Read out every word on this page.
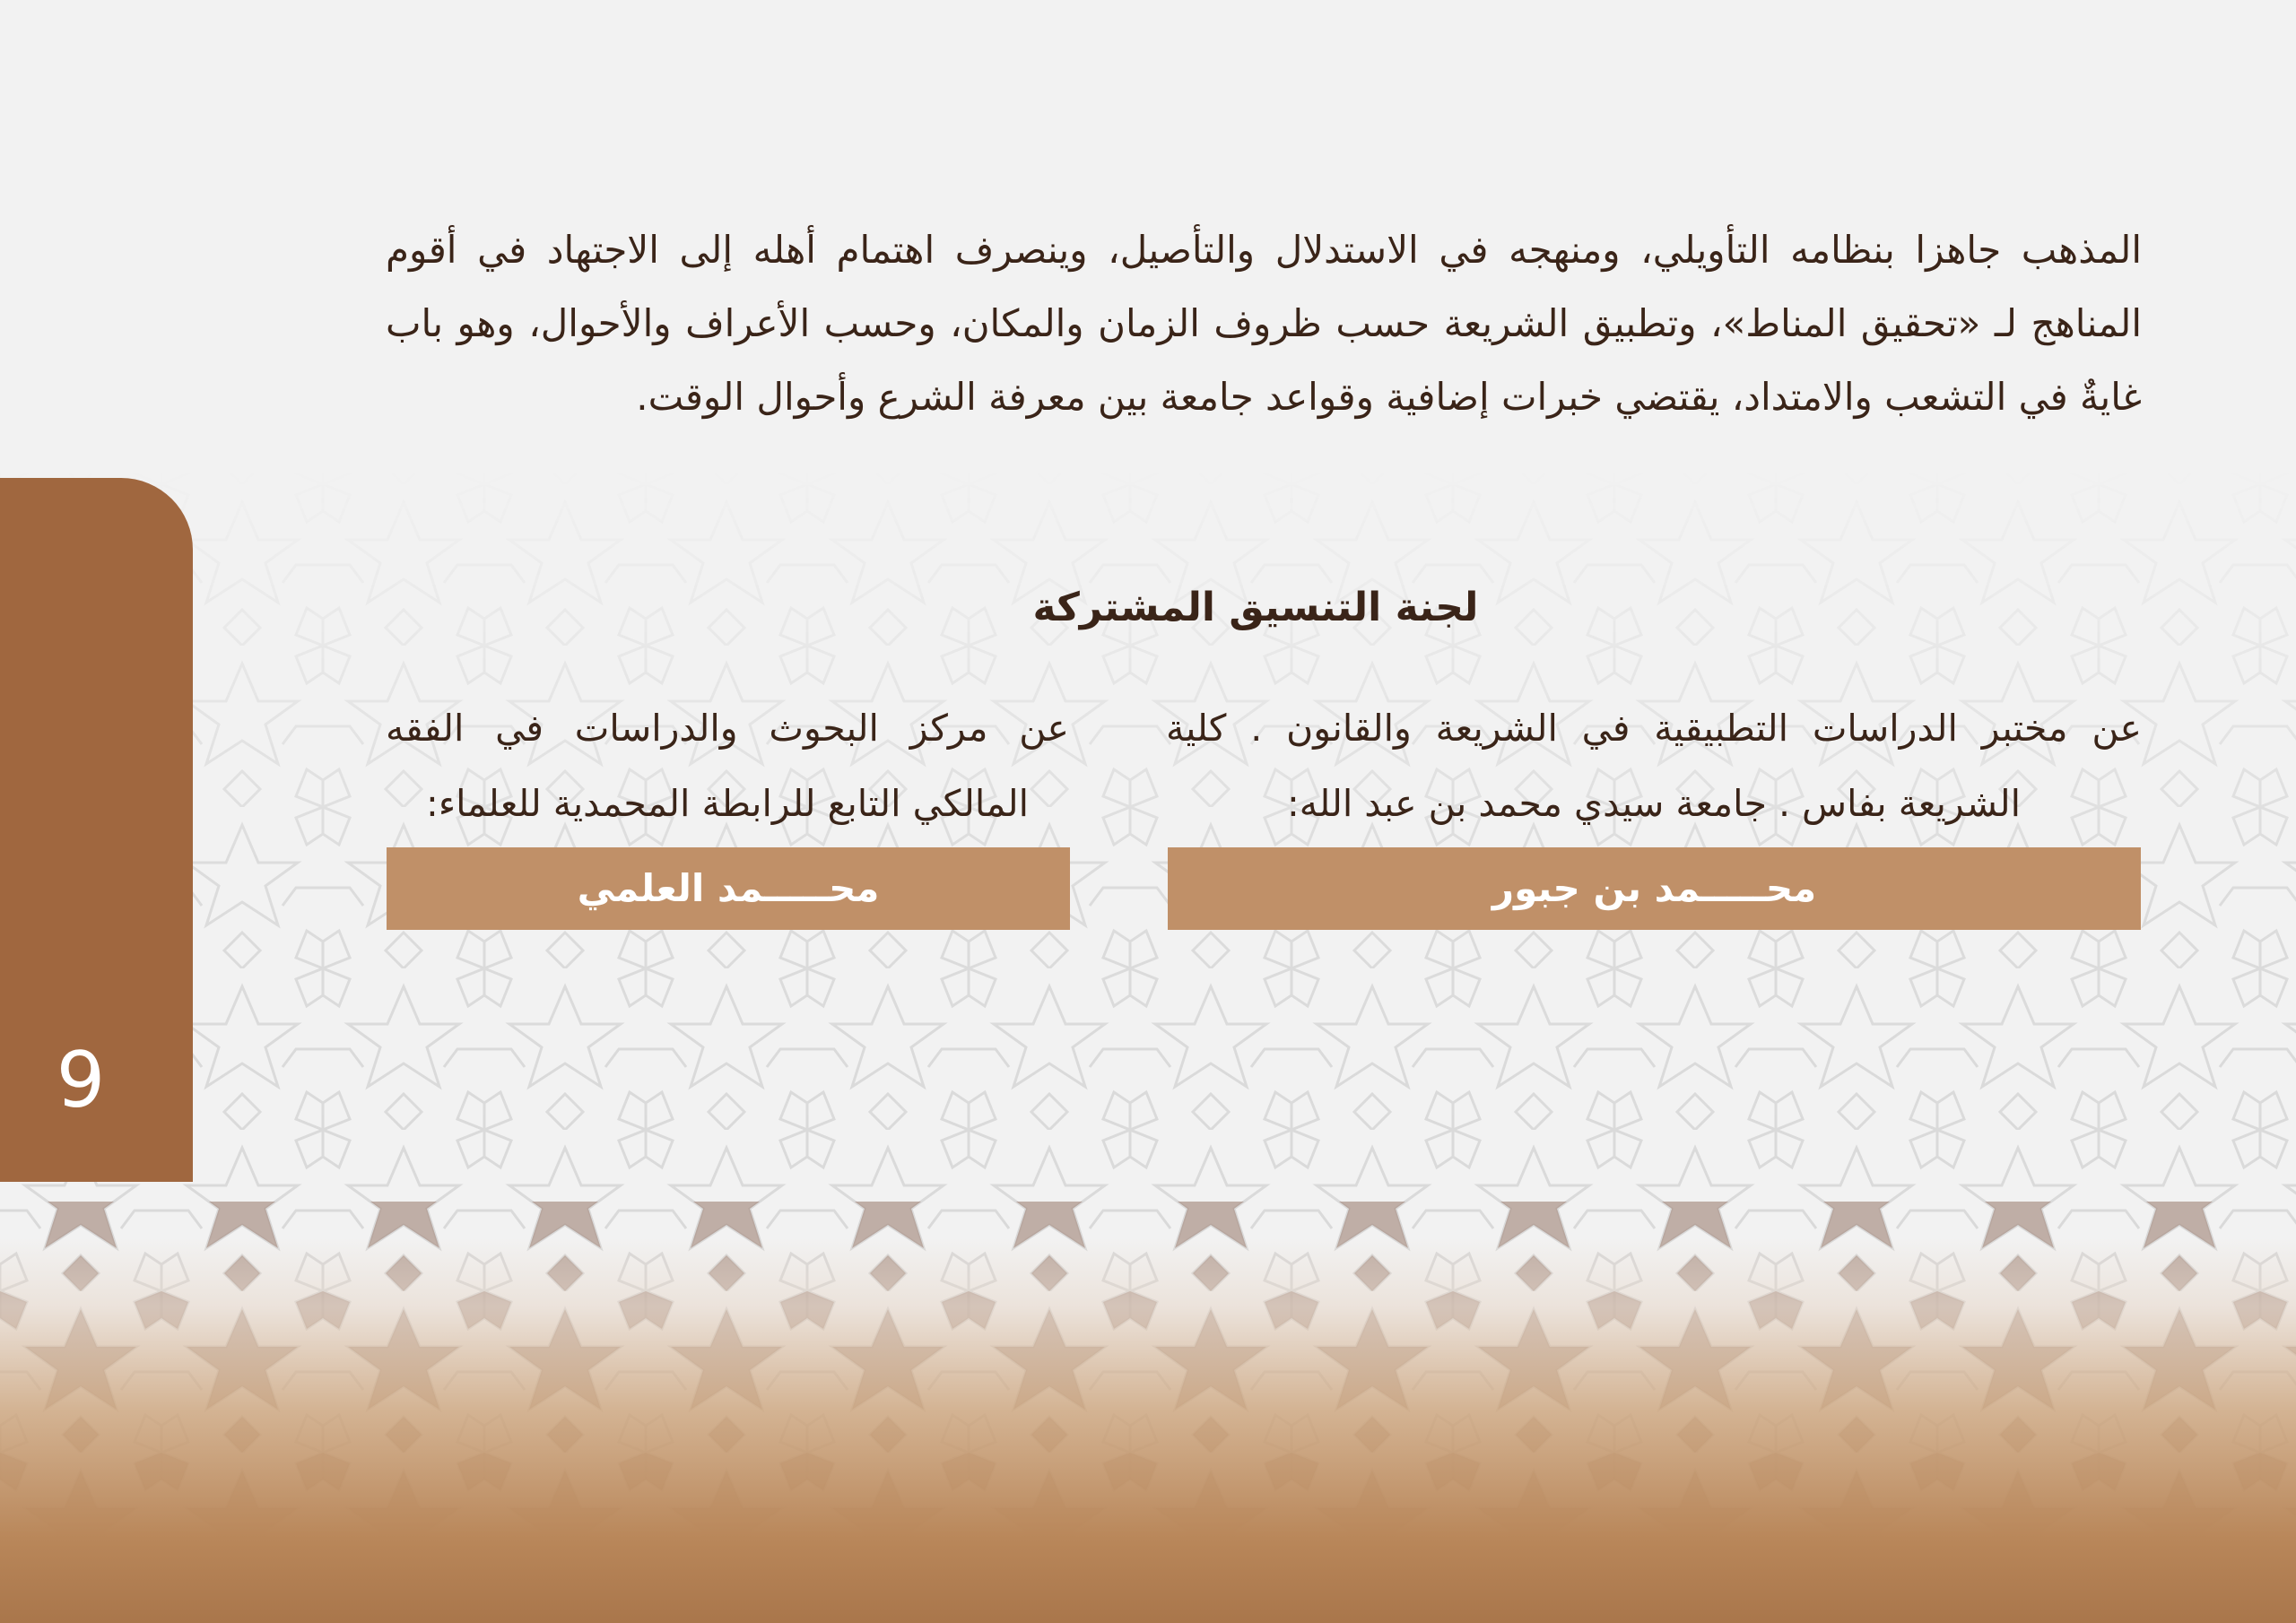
9

المذهب جاهزا بنظامه التأويلي، ومنهجه في الاستدلال والتأصيل، وينصرف اهتمام أهله إلى الاجتهاد في أقوم المناهج لـ «تحقيق المناط»، وتطبيق الشريعة حسب ظروف الزمان والمكان، وحسب الأعراف والأحوال، وهو باب غايةٌ في التشعب والامتداد، يقتضي خبرات إضافية وقواعد جامعة بين معرفة الشرع وأحوال الوقت.

لجنة التنسيق المشتركة
عن مختبر الدراسات التطبيقية في الشريعة والقانون . كلية الشريعة بفاس . جامعة سيدي محمد بن عبد الله:
عن مركز البحوث والدراسات في الفقه المالكي التابع للرابطة المحمدية للعلماء:
محـــــمد بن جبور
محـــــمد العلمي
